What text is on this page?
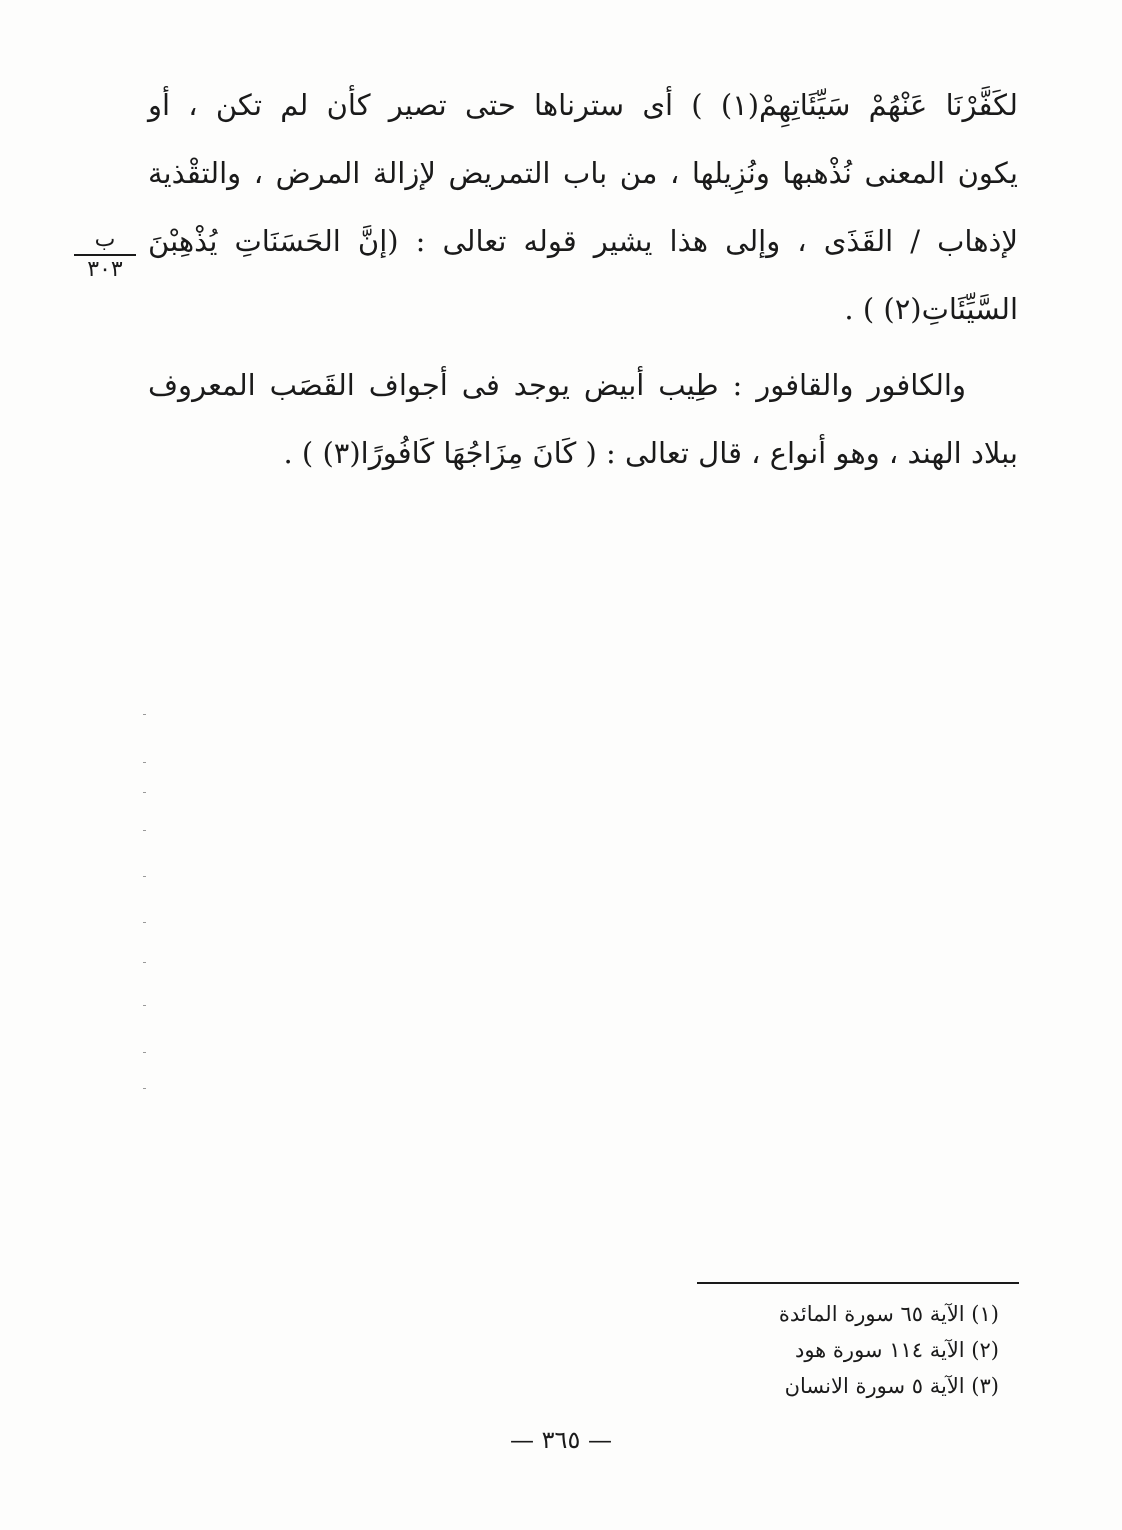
لكَفَّرْنَا عَنْهُمْ سَيِّئَاتِهِمْ(١) ) أى سترناها حتى تصير كأن لم تكن ، أو
يكون المعنى نُذْهبها ونُزِيلها ، من باب التمريض لإزالة المرض ، والتقْذية
لإذهاب / القَذَى ، وإلى هذا يشير قوله تعالى : (إنَّ الحَسَنَاتِ يُذْهِبْنَ
السَّيِّئَاتِ(٢) ) .
والكافور والقافور : طِيب أبيض يوجد فى أجواف القَصَب المعروف
ببلاد الهند ، وهو أنواع ، قال تعالى : ( كَانَ مِزَاجُهَا كَافُورًا(٣) ) .
ب
٣٠٣
(١) الآية ٦٥ سورة المائدة
(٢) الآية ١١٤ سورة هود
(٣) الآية ٥ سورة الانسان
— ٣٦٥ —
